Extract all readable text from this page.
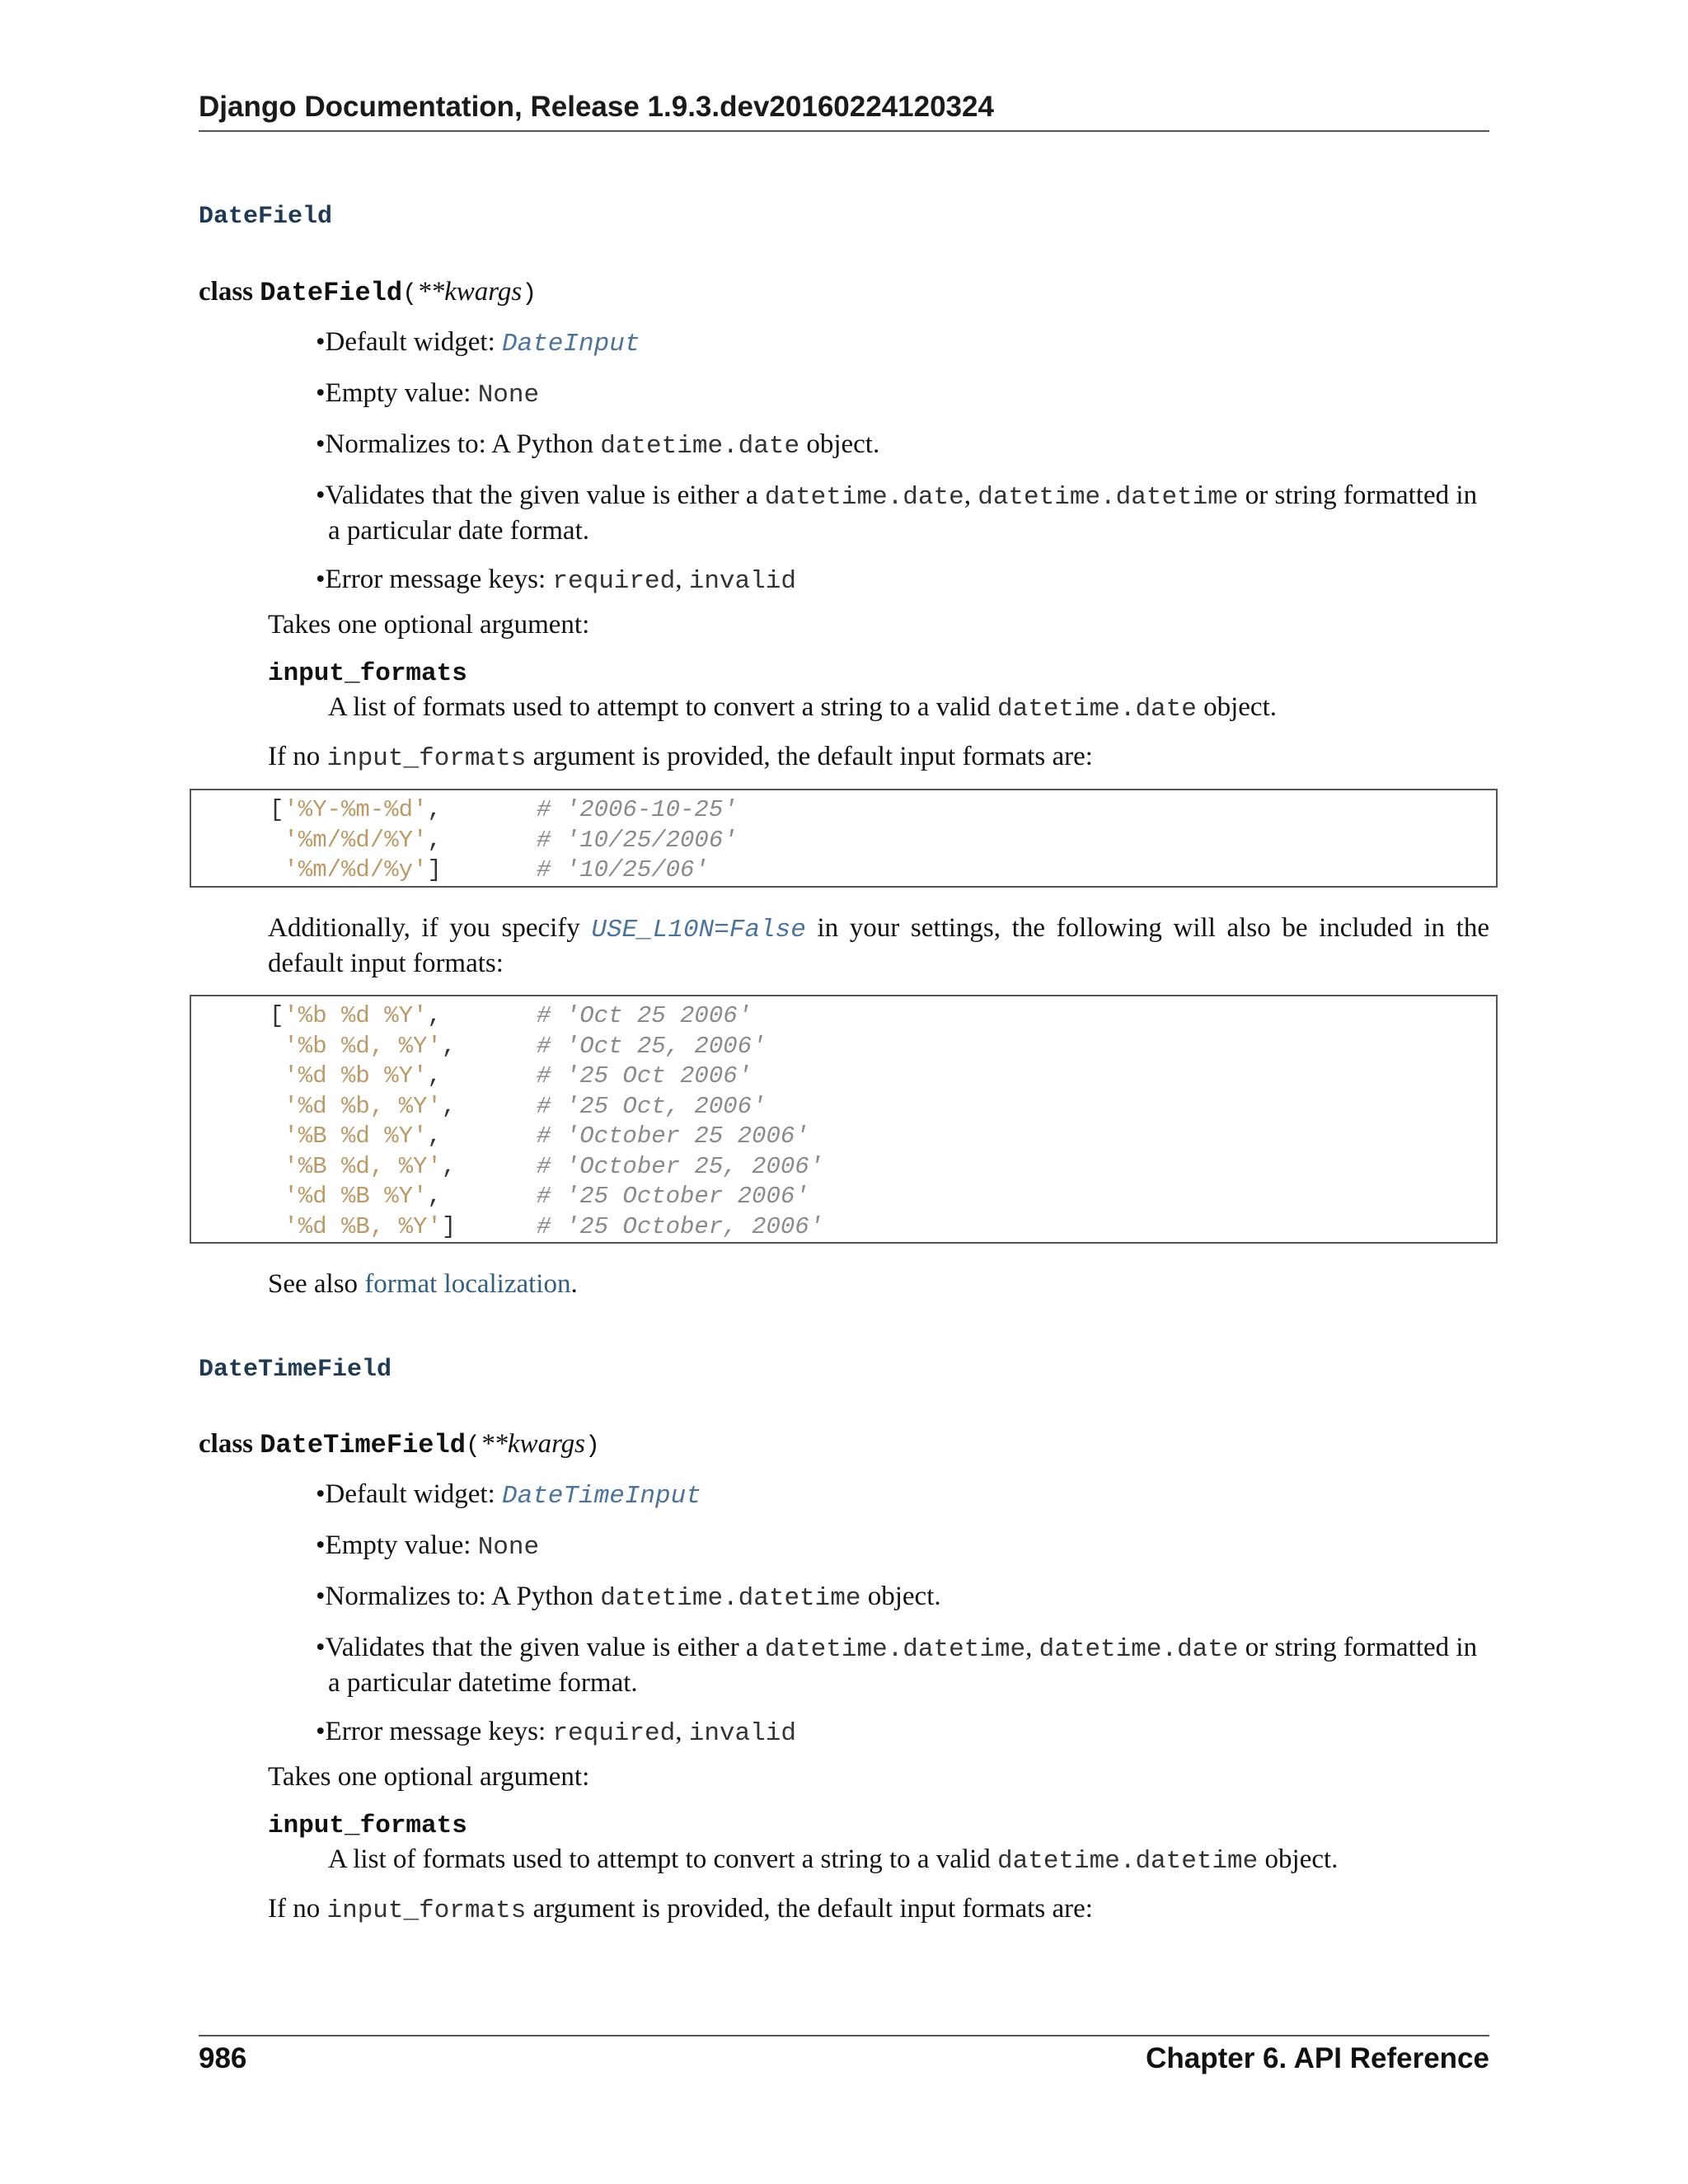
Django Documentation, Release 1.9.3.dev20160224120324
DateField
class DateField(**kwargs)
•Default widget: DateInput
•Empty value: None
•Normalizes to: A Python datetime.date object.
•Validates that the given value is either a datetime.date, datetime.datetime or string formatted in a particular date format.
•Error message keys: required, invalid
Takes one optional argument:
input_formats
A list of formats used to attempt to convert a string to a valid datetime.date object.
If no input_formats argument is provided, the default input formats are:
['%Y-%m-%d',	# '2006-10-25'
'%m/%d/%Y',	# '10/25/2006'
'%m/%d/%y']	# '10/25/06'
Additionally, if you specify USE_L10N=False in your settings, the following will also be included in the default input formats:
['%b %d %Y',	# 'Oct 25 2006'
'%b %d, %Y',	# 'Oct 25, 2006'
'%d %b %Y',	# '25 Oct 2006'
'%d %b, %Y',	# '25 Oct, 2006'
'%B %d %Y',	# 'October 25 2006'
'%B %d, %Y',	# 'October 25, 2006'
'%d %B %Y',	# '25 October 2006'
'%d %B, %Y']	# '25 October, 2006'
See also format localization.
DateTimeField
class DateTimeField(**kwargs)
•Default widget: DateTimeInput
•Empty value: None
•Normalizes to: A Python datetime.datetime object.
•Validates that the given value is either a datetime.datetime, datetime.date or string formatted in a particular datetime format.
•Error message keys: required, invalid
Takes one optional argument:
input_formats
A list of formats used to attempt to convert a string to a valid datetime.datetime object.
If no input_formats argument is provided, the default input formats are:
986	Chapter 6. API Reference
